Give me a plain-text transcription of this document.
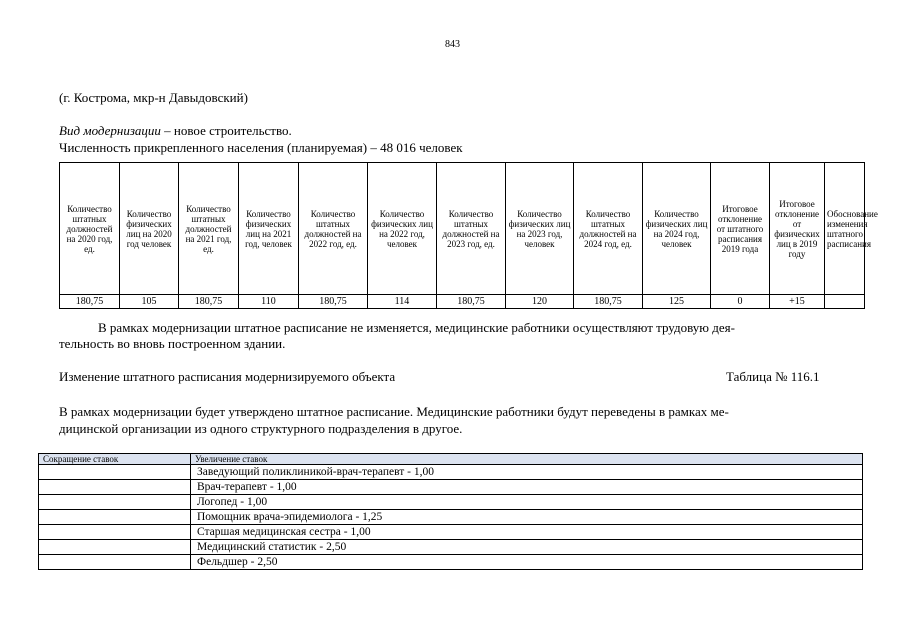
843
(г. Кострома, мкр-н Давыдовский)
Вид модернизации – новое строительство.
Численность прикрепленного населения (планируемая) – 48 016 человек
Количество штатных должностей на 2020 год, ед.	Количество физических лиц на 2020 год человек	Количество штатных должностей на 2021 год, ед.	Количество физических лиц на 2021 год, человек	Количество штатных должностей на 2022 год, ед.	Количество физических лиц на 2022 год, человек	Количество штатных должностей на 2023 год, ед.	Количество физических лиц на 2023 год, человек	Количество штатных должностей на 2024 год, ед.	Количество физических лиц на 2024 год, человек	Итоговое отклонение от штатного расписания 2019 года	Итоговое отклонение от физических лиц в 2019 году	Обоснование изменения штатного расписания
180,75	105	180,75	110	180,75	114	180,75	120	180,75	125	0	+15	
В рамках модернизации штатное расписание не изменяется, медицинские работники осуществляют трудовую дея-
тельность во вновь построенном здании.
Изменение штатного расписания модернизируемого объекта	Таблица № 116.1
В рамках модернизации будет утверждено штатное расписание. Медицинские работники будут переведены в рамках ме-
дицинской организации из одного структурного подразделения в другое.
Сокращение ставок	Увеличение ставок
	Заведующий поликлиникой-врач-терапевт - 1,00
	Врач-терапевт - 1,00
	Логопед - 1,00
	Помощник врача-эпидемиолога - 1,25
	Старшая медицинская сестра - 1,00
	Медицинский статистик - 2,50
	Фельдшер - 2,50
